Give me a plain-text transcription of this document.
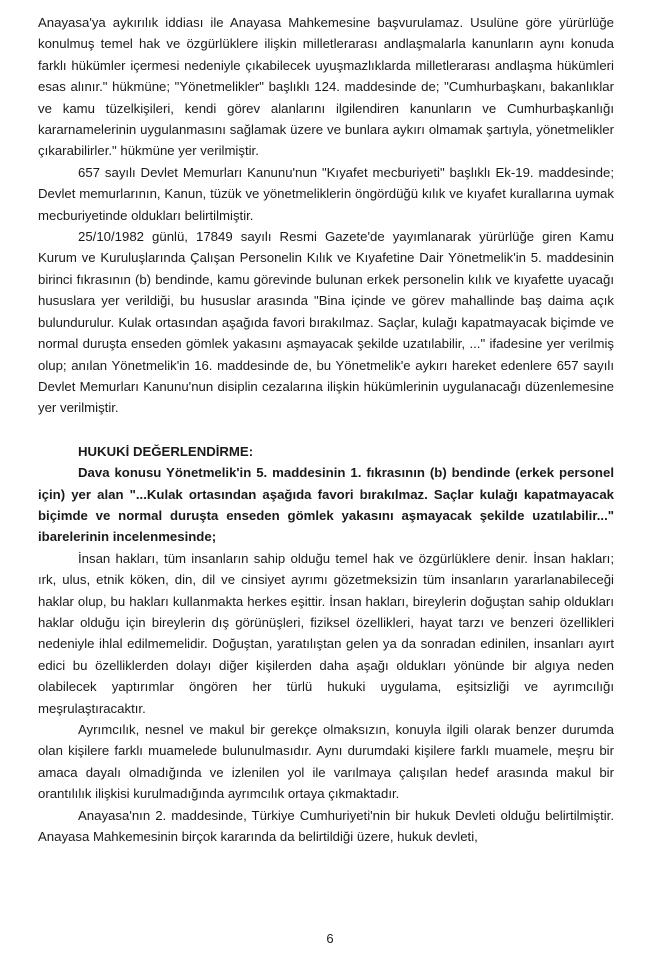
Anayasa'ya aykırılık iddiası ile Anayasa Mahkemesine başvurulamaz. Usulüne göre yürürlüğe konulmuş temel hak ve özgürlüklere ilişkin milletlerarası andlaşmalarla kanunların aynı konuda farklı hükümler içermesi nedeniyle çıkabilecek uyuşmazlıklarda milletlerarası andlaşma hükümleri esas alınır." hükmüne; "Yönetmelikler" başlıklı 124. maddesinde de; "Cumhurbaşkanı, bakanlıklar ve kamu tüzelkişileri, kendi görev alanlarını ilgilendiren kanunların ve Cumhurbaşkanlığı kararnamelerinin uygulanmasını sağlamak üzere ve bunlara aykırı olmamak şartıyla, yönetmelikler çıkarabilirler." hükmüne yer verilmiştir.

657 sayılı Devlet Memurları Kanunu'nun "Kıyafet mecburiyeti" başlıklı Ek-19. maddesinde; Devlet memurlarının, Kanun, tüzük ve yönetmeliklerin öngördüğü kılık ve kıyafet kurallarına uymak mecburiyetinde oldukları belirtilmiştir.

25/10/1982 günlü, 17849 sayılı Resmi Gazete'de yayımlanarak yürürlüğe giren Kamu Kurum ve Kuruluşlarında Çalışan Personelin Kılık ve Kıyafetine Dair Yönetmelik'in 5. maddesinin birinci fıkrasının (b) bendinde, kamu görevinde bulunan erkek personelin kılık ve kıyafette uyacağı hususlara yer verildiği, bu hususlar arasında "Bina içinde ve görev mahallinde baş daima açık bulundurulur. Kulak ortasından aşağıda favori bırakılmaz. Saçlar, kulağı kapatmayacak biçimde ve normal duruşta enseden gömlek yakasını aşmayacak şekilde uzatılabilir, ..." ifadesine yer verilmiş olup; anılan Yönetmelik'in 16. maddesinde de, bu Yönetmelik'e aykırı hareket edenlere 657 sayılı Devlet Memurları Kanunu'nun disiplin cezalarına ilişkin hükümlerinin uygulanacağı düzenlemesine yer verilmiştir.

HUKUKİ DEĞERLENDİRME:

Dava konusu Yönetmelik'in 5. maddesinin 1. fıkrasının (b) bendinde (erkek personel için) yer alan "...Kulak ortasından aşağıda favori bırakılmaz. Saçlar kulağı kapatmayacak biçimde ve normal duruşta enseden gömlek yakasını aşmayacak şekilde uzatılabilir..." ibarelerinin incelenmesinde;

İnsan hakları, tüm insanların sahip olduğu temel hak ve özgürlüklere denir. İnsan hakları; ırk, ulus, etnik köken, din, dil ve cinsiyet ayrımı gözetmeksizin tüm insanların yararlanabileceği haklar olup, bu hakları kullanmakta herkes eşittir. İnsan hakları, bireylerin doğuştan sahip oldukları haklar olduğu için bireylerin dış görünüşleri, fiziksel özellikleri, hayat tarzı ve benzeri özellikleri nedeniyle ihlal edilmemelidir. Doğuştan, yaratılıştan gelen ya da sonradan edinilen, insanları ayırt edici bu özelliklerden dolayı diğer kişilerden daha aşağı oldukları yönünde bir algıya neden olabilecek yaptırımlar öngören her türlü hukuki uygulama, eşitsizliği ve ayrımcılığı meşrulaştıracaktır.

Ayrımcılık, nesnel ve makul bir gerekçe olmaksızın, konuyla ilgili olarak benzer durumda olan kişilere farklı muamelede bulunulmasıdır. Aynı durumdaki kişilere farklı muamele, meşru bir amaca dayalı olmadığında ve izlenilen yol ile varılmaya çalışılan hedef arasında makul bir orantılılık ilişkisi kurulmadığında ayrımcılık ortaya çıkmaktadır.

Anayasa'nın 2. maddesinde, Türkiye Cumhuriyeti'nin bir hukuk Devleti olduğu belirtilmiştir. Anayasa Mahkemesinin birçok kararında da belirtildiği üzere, hukuk devleti,

6
